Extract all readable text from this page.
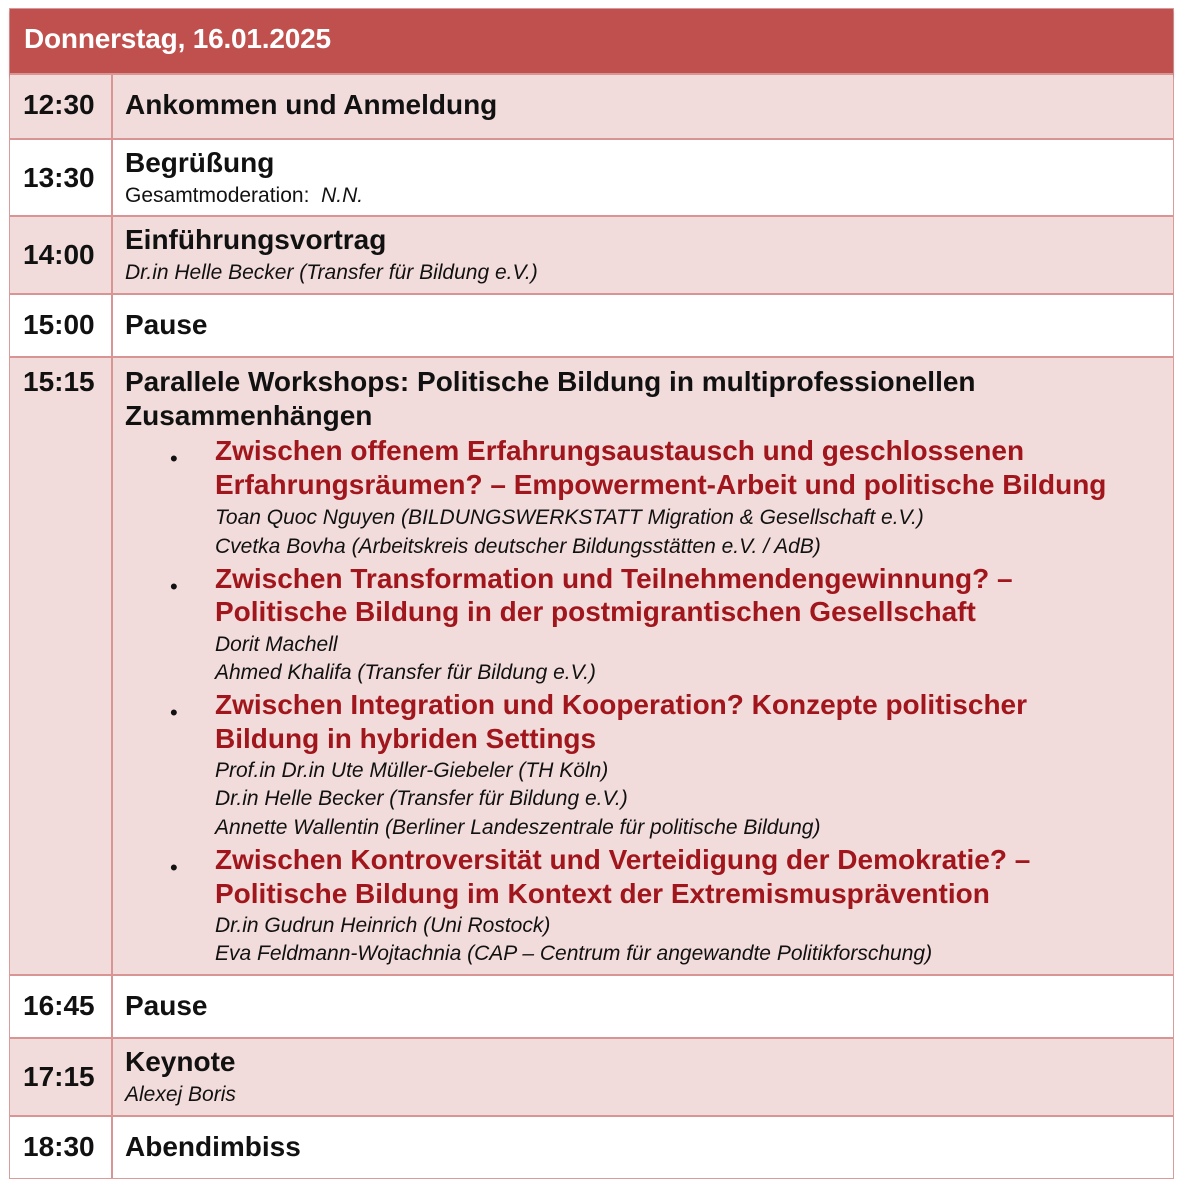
Donnerstag, 16.01.2025
12:30 Ankommen und Anmeldung
13:30 Begrüßung
Gesamtmoderation: N.N.
14:00 Einführungsvortrag
Dr.in Helle Becker (Transfer für Bildung e.V.)
15:00 Pause
15:15 Parallele Workshops: Politische Bildung in multiprofessionellen
Zusammenhängen
• Zwischen offenem Erfahrungsaustausch und geschlossenen
Erfahrungsräumen? – Empowerment-Arbeit und politische Bildung
Toan Quoc Nguyen (BILDUNGSWERKSTATT Migration & Gesellschaft e.V.)
Cvetka Bovha (Arbeitskreis deutscher Bildungsstätten e.V. / AdB)
• Zwischen Transformation und Teilnehmendengewinnung? –
Politische Bildung in der postmigrantischen Gesellschaft
Dorit Machell
Ahmed Khalifa (Transfer für Bildung e.V.)
• Zwischen Integration und Kooperation? Konzepte politischer
Bildung in hybriden Settings
Prof.in Dr.in Ute Müller-Giebeler (TH Köln)
Dr.in Helle Becker (Transfer für Bildung e.V.)
Annette Wallentin (Berliner Landeszentrale für politische Bildung)
• Zwischen Kontroversität und Verteidigung der Demokratie? –
Politische Bildung im Kontext der Extremismusprävention
Dr.in Gudrun Heinrich (Uni Rostock)
Eva Feldmann-Wojtachnia (CAP – Centrum für angewandte Politikforschung)
16:45 Pause
17:15 Keynote
Alexej Boris
18:30 Abendimbiss
